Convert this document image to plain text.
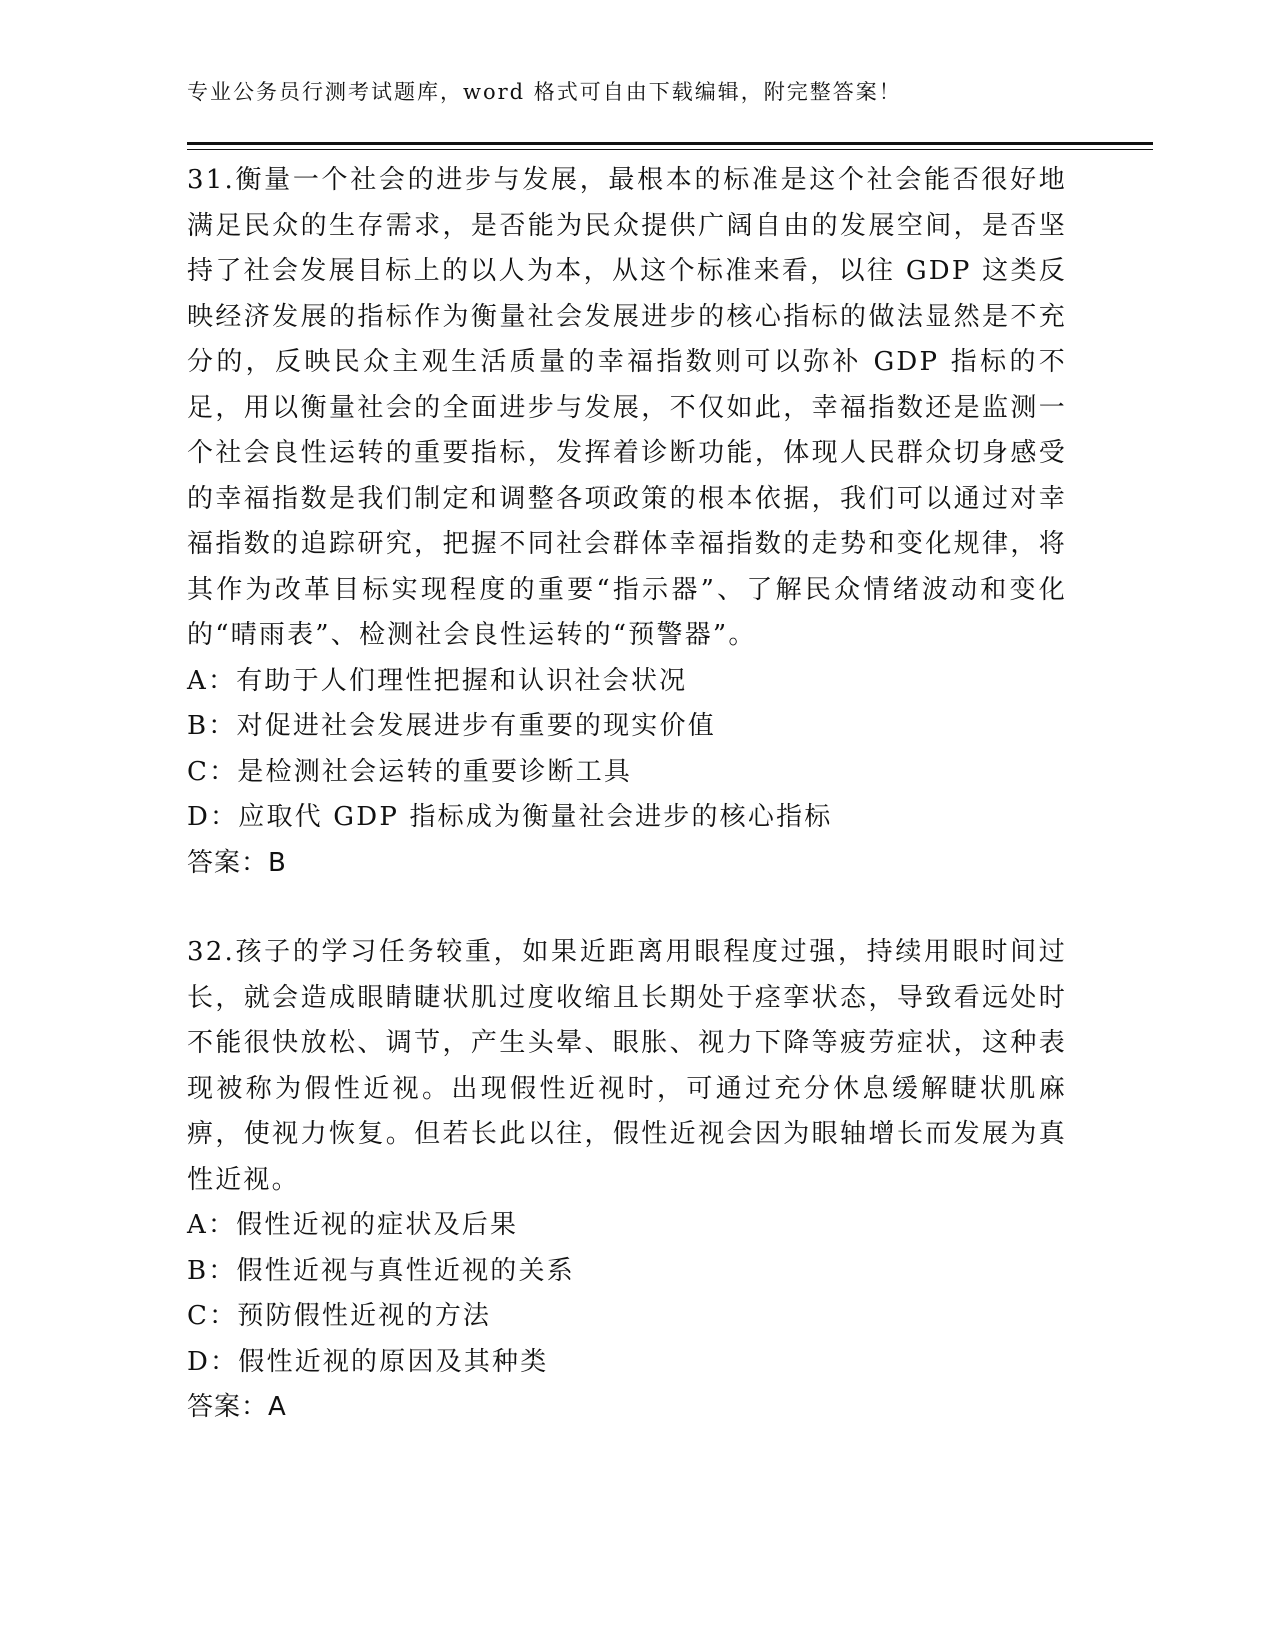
专业公务员行测考试题库，word 格式可自由下载编辑，附完整答案！

31.衡量一个社会的进步与发展，最根本的标准是这个社会能否很好地满足民众的生存需求，是否能为民众提供广阔自由的发展空间，是否坚持了社会发展目标上的以人为本，从这个标准来看，以往 GDP 这类反映经济发展的指标作为衡量社会发展进步的核心指标的做法显然是不充分的，反映民众主观生活质量的幸福指数则可以弥补 GDP 指标的不足，用以衡量社会的全面进步与发展，不仅如此，幸福指数还是监测一个社会良性运转的重要指标，发挥着诊断功能，体现人民群众切身感受的幸福指数是我们制定和调整各项政策的根本依据，我们可以通过对幸福指数的追踪研究，把握不同社会群体幸福指数的走势和变化规律，将其作为改革目标实现程度的重要“指示器”、了解民众情绪波动和变化的“晴雨表”、检测社会良性运转的“预警器”。

A：有助于人们理性把握和认识社会状况

B：对促进社会发展进步有重要的现实价值

C：是检测社会运转的重要诊断工具

D：应取代 GDP 指标成为衡量社会进步的核心指标

答案：B

32.孩子的学习任务较重，如果近距离用眼程度过强，持续用眼时间过长，就会造成眼睛睫状肌过度收缩且长期处于痉挛状态，导致看远处时不能很快放松、调节，产生头晕、眼胀、视力下降等疲劳症状，这种表现被称为假性近视。出现假性近视时，可通过充分休息缓解睫状肌麻痹，使视力恢复。但若长此以往，假性近视会因为眼轴增长而发展为真性近视。

A：假性近视的症状及后果

B：假性近视与真性近视的关系

C：预防假性近视的方法

D：假性近视的原因及其种类

答案：A
